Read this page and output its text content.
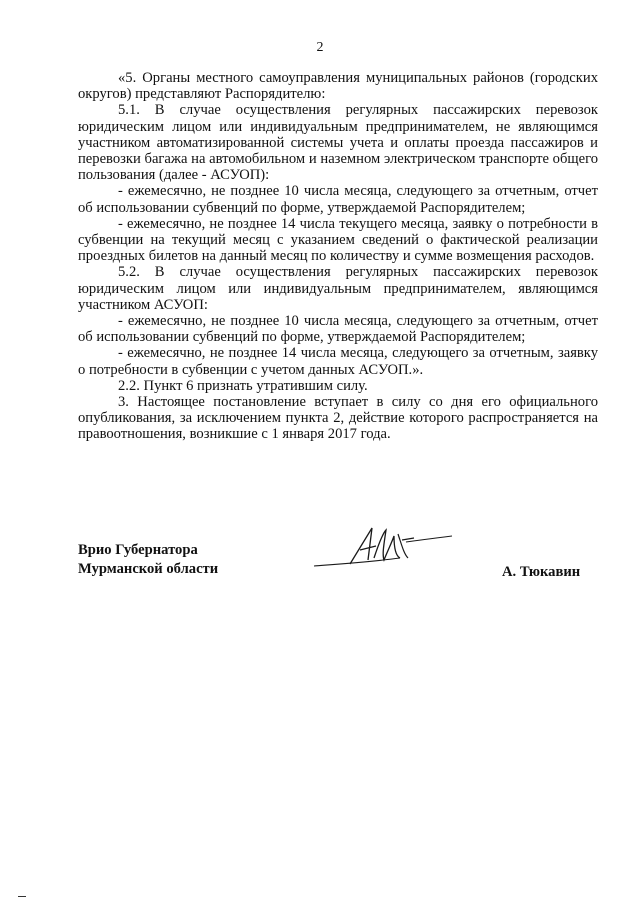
2

«5. Органы местного самоуправления муниципальных районов (городских округов) представляют Распорядителю:

5.1. В случае осуществления регулярных пассажирских перевозок юридическим лицом или индивидуальным предпринимателем, не являющимся участником автоматизированной системы учета и оплаты проезда пассажиров и перевозки багажа на автомобильном и наземном электрическом транспорте общего пользования (далее - АСУОП):

- ежемесячно, не позднее 10 числа месяца, следующего за отчетным, отчет об использовании субвенций по форме, утверждаемой Распорядителем;

- ежемесячно, не позднее 14 числа текущего месяца, заявку о потребности в субвенции на текущий месяц с указанием сведений о фактической реализации проездных билетов на данный месяц по количеству и сумме возмещения расходов.

5.2. В случае осуществления регулярных пассажирских перевозок юридическим лицом или индивидуальным предпринимателем, являющимся участником АСУОП:

- ежемесячно, не позднее 10 числа месяца, следующего за отчетным, отчет об использовании субвенций по форме, утверждаемой Распорядителем;

- ежемесячно, не позднее 14 числа месяца, следующего за отчетным, заявку о потребности в субвенции с учетом данных АСУОП.».

2.2. Пункт 6 признать утратившим силу.

3. Настоящее постановление вступает в силу со дня его официального опубликования, за исключением пункта 2, действие которого распространяется на правоотношения, возникшие с 1 января 2017 года.

Врио Губернатора
Мурманской области	А. Тюкавин
